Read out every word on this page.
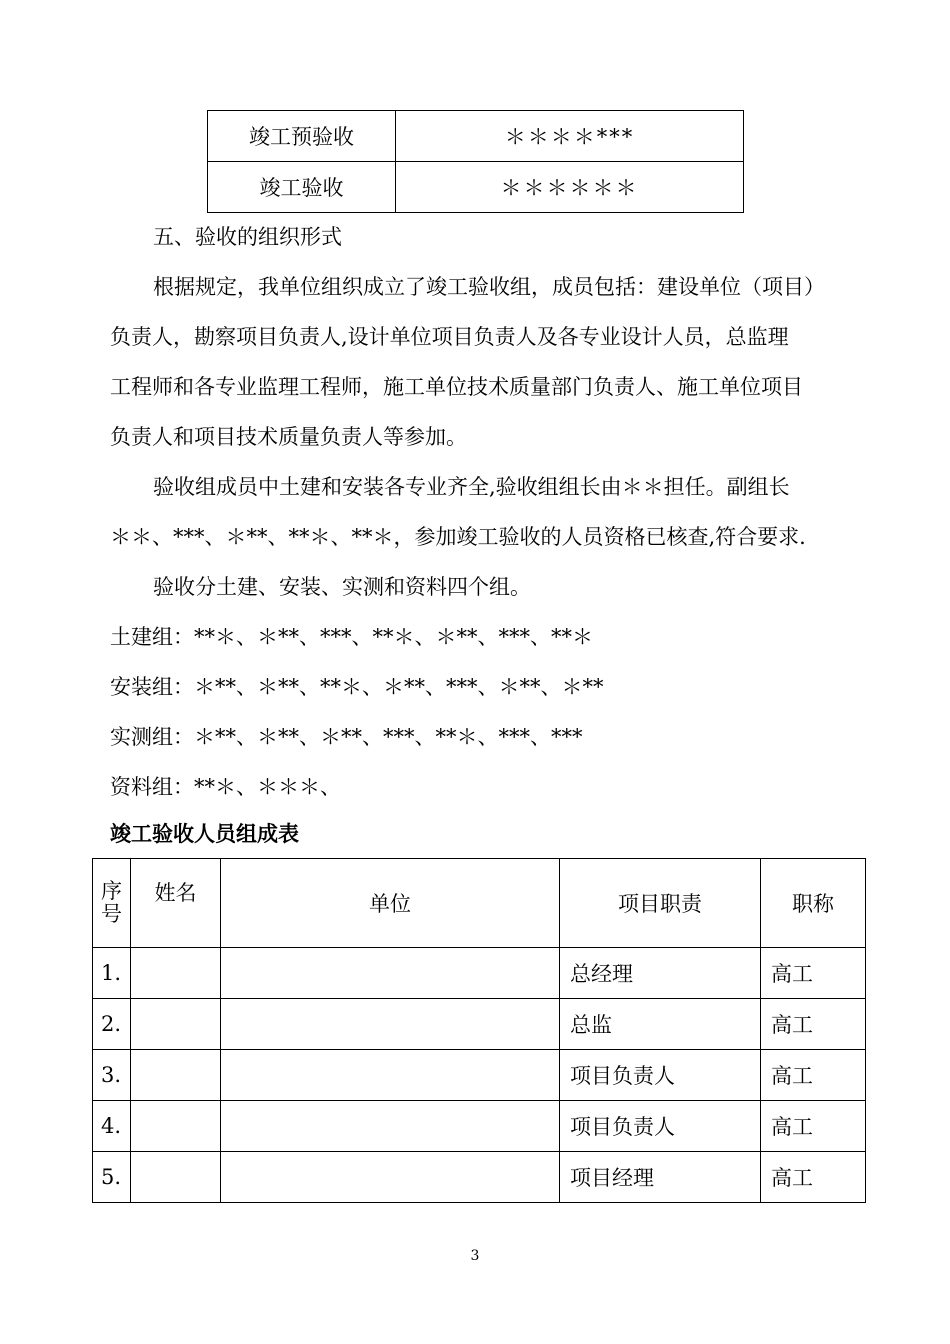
竣工预验收	＊＊＊＊***
竣工验收	＊＊＊＊＊＊
五、验收的组织形式
根据规定，我单位组织成立了竣工验收组，成员包括：建设单位（项目）
负责人，勘察项目负责人,设计单位项目负责人及各专业设计人员，总监理
工程师和各专业监理工程师，施工单位技术质量部门负责人、施工单位项目
负责人和项目技术质量负责人等参加。
验收组成员中土建和安装各专业齐全,验收组组长由＊＊担任。副组长
＊＊、***、＊**、**＊、**＊，参加竣工验收的人员资格已核查,符合要求.
验收分土建、安装、实测和资料四个组。
土建组：**＊、＊**、***、**＊、＊**、***、**＊
安装组：＊**、＊**、**＊、＊**、***、＊**、＊**
实测组：＊**、＊**、＊**、***、**＊、***、***
资料组：**＊、＊＊＊、
竣工验收人员组成表
序
号	姓名	单位	项目职责	职称
1.			总经理	高工
2.			总监	高工
3.			项目负责人	高工
4.			项目负责人	高工
5.			项目经理	高工
3
